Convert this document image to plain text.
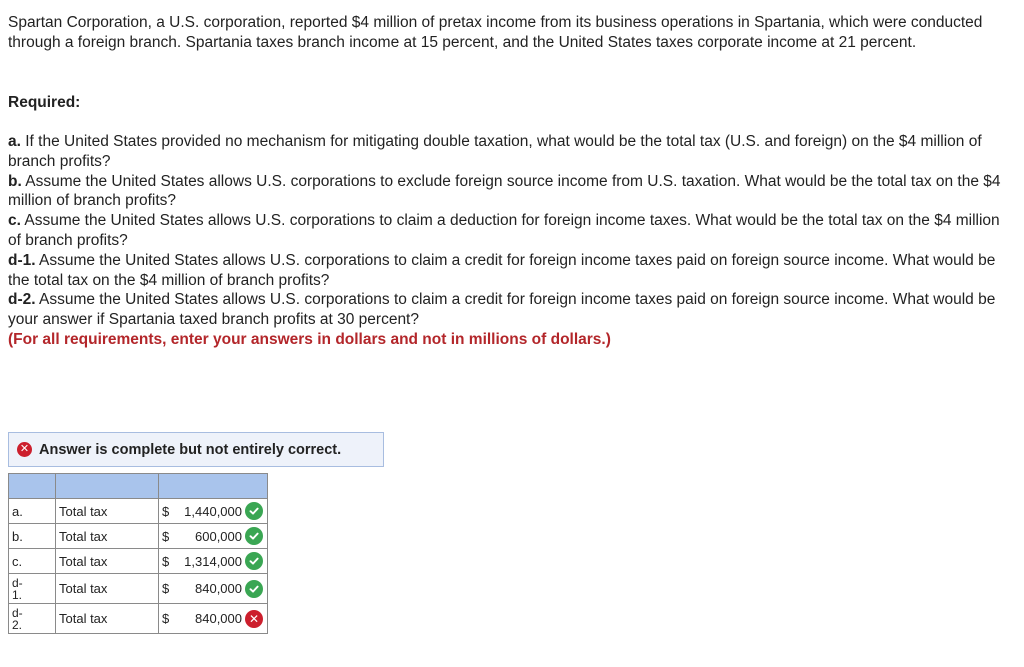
Spartan Corporation, a U.S. corporation, reported $4 million of pretax income from its business operations in Spartania, which were conducted through a foreign branch. Spartania taxes branch income at 15 percent, and the United States taxes corporate income at 21 percent.

Required:

a. If the United States provided no mechanism for mitigating double taxation, what would be the total tax (U.S. and foreign) on the $4 million of branch profits?

b. Assume the United States allows U.S. corporations to exclude foreign source income from U.S. taxation. What would be the total tax on the $4 million of branch profits?

c. Assume the United States allows U.S. corporations to claim a deduction for foreign income taxes. What would be the total tax on the $4 million of branch profits?

d-1. Assume the United States allows U.S. corporations to claim a credit for foreign income taxes paid on foreign source income. What would be the total tax on the $4 million of branch profits?

d-2. Assume the United States allows U.S. corporations to claim a credit for foreign income taxes paid on foreign source income. What would be your answer if Spartania taxed branch profits at 30 percent?

(For all requirements, enter your answers in dollars and not in millions of dollars.)

✕ Answer is complete but not entirely correct.

a.	Total tax	$ 1,440,000

b.	Total tax	$ 600,000

c.	Total tax	$ 1,314,000

d-
1.	Total tax	$ 840,000

d-
2.	Total tax	$ 840,000 ✕
